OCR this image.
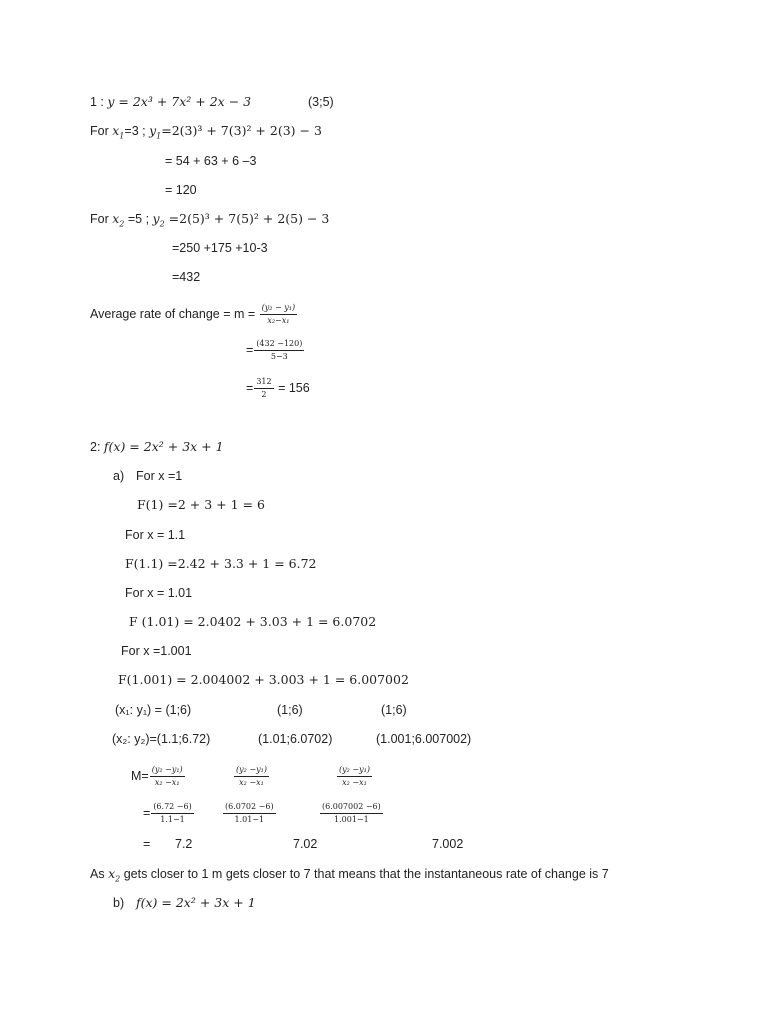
1 : y = 2x³ + 7x² + 2x − 3	(3;5)
For $x_1=3$ ; $y_1=2(3)^3 + 7(3)^2 + 2(3) - 3$
= 54 + 63 + 6 –3
= 120
For $x_2 =5$ ; $y_2 =2(5)^3 + 7(5)^2 + 2(5) - 3$
=250 +175 +10-3
=432
Average rate of change = $m = \frac{\text{(y₂ − y₁)}}{\text{x₂−x₁}}$
= $\frac{(432 -120)}{5-3}$
= $\frac{312}{2} = 156$
2: f(x) = 2x² + 3x + 1
a) For x =1
F(1) =2 + 3 + 1 = 6
For x = 1.1
F(1.1) =2.42 + 3.3 + 1 = 6.72
For x = 1.01
F (1.01) = 2.0402 + 3.03 + 1 = 6.0702
For x =1.001
F(1.001) = 2.004002 + 3.003 + 1 = 6.007002
(x₁: y₁) = (1;6)	(1;6)	(1;6)
(x₂: y₂)=(1.1;6.72)	(1.01;6.0702)	(1.001;6.007002)
$M= \frac{\text{(y₂ −y₁)}}{\text{x₂ −x₁}}$	$\frac{\text{(y₂ −y₁)}}{\text{x₂ −x₁}}$	$\frac{\text{(y₂ −y₁)}}{\text{x₂ −x₁}}$
= $\frac{(6.72 -6)}{1.1-1}$	$\frac{(6.0702 -6)}{1.01-1}$	$\frac{(6.007002 -6)}{1.001-1}$
= 7.2	7.02	7.002
As $x_2$ gets closer to 1 m gets closer to 7 that means that the instantaneous rate of change is 7
b) f(x) = 2x² + 3x + 1
